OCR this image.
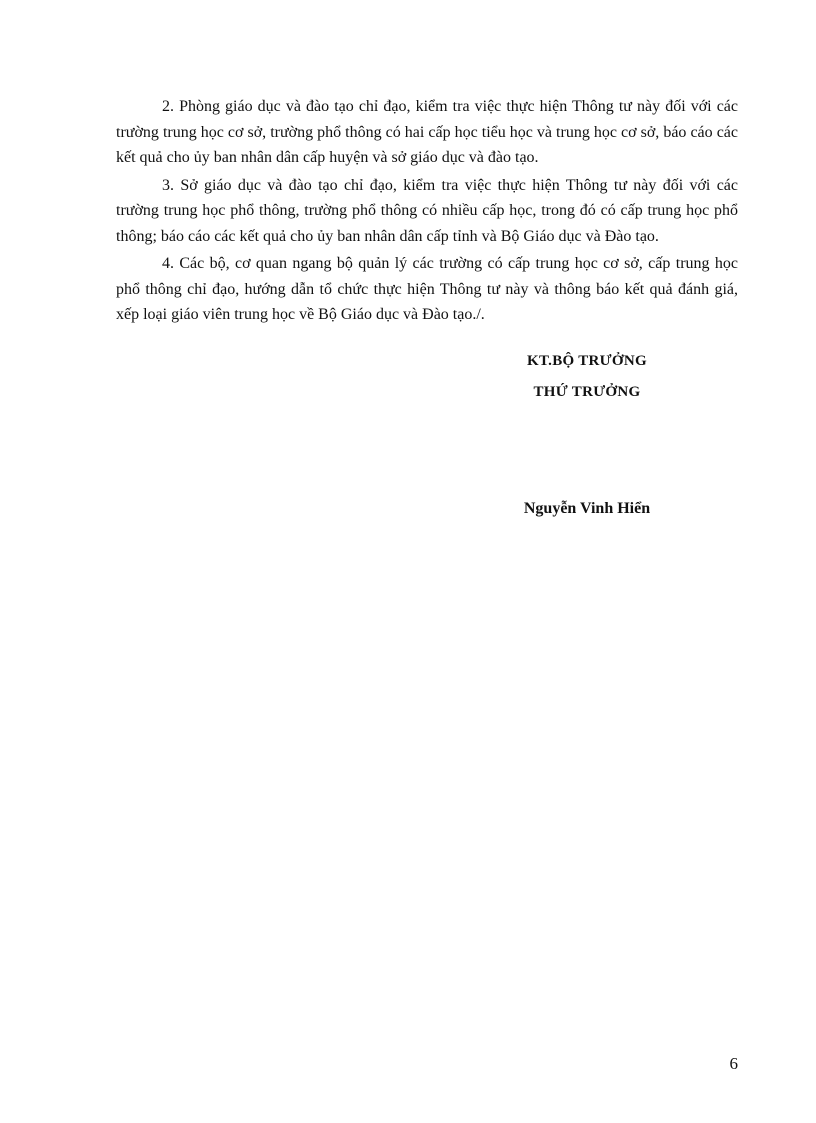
2. Phòng giáo dục và đào tạo chỉ đạo, kiểm tra việc thực hiện Thông tư này đối với các trường trung học cơ sở, trường phổ thông có hai cấp học tiểu học và trung học cơ sở, báo cáo các kết quả cho ủy ban nhân dân cấp huyện và sở giáo dục và đào tạo.

3. Sở giáo dục và đào tạo chỉ đạo, kiểm tra việc thực hiện Thông tư này đối với các trường trung học phổ thông, trường phổ thông có nhiều cấp học, trong đó có cấp trung học phổ thông; báo cáo các kết quả cho ủy ban nhân dân cấp tỉnh và Bộ Giáo dục và Đào tạo.

4. Các bộ, cơ quan ngang bộ quản lý các trường có cấp trung học cơ sở, cấp trung học phổ thông chỉ đạo, hướng dẫn tổ chức thực hiện Thông tư này và thông báo kết quả đánh giá, xếp loại giáo viên trung học về Bộ Giáo dục và Đào tạo./.

KT.BỘ TRƯỞNG
THỨ TRƯỞNG
Nguyễn Vinh Hiển
6
